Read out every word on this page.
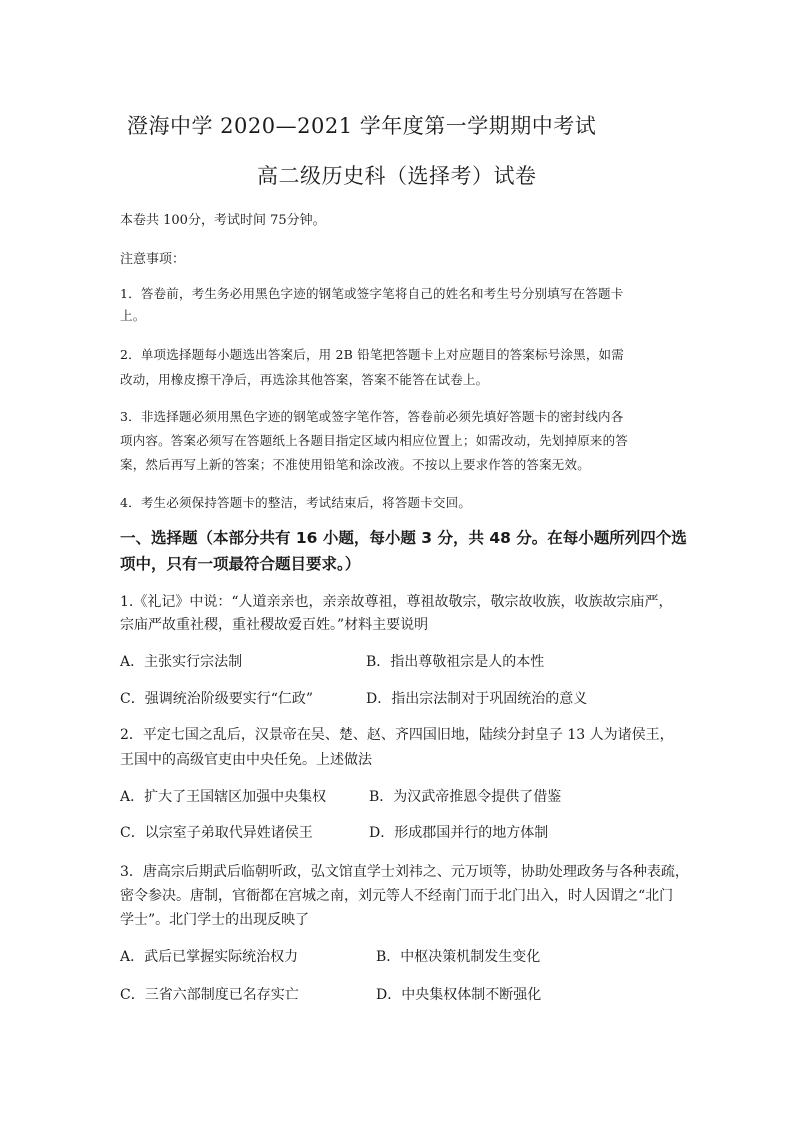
澄海中学 2020—2021 学年度第一学期期中考试
高二级历史科（选择考）试卷
本卷共 100分，考试时间 75分钟。
注意事项：
1．答卷前，考生务必用黑色字迹的钢笔或签字笔将自己的姓名和考生号分别填写在答题卡
上。
2．单项选择题每小题选出答案后，用 2B 铅笔把答题卡上对应题目的答案标号涂黑，如需
改动，用橡皮擦干净后，再选涂其他答案，答案不能答在试卷上。
3．非选择题必须用黑色字迹的钢笔或签字笔作答，答卷前必须先填好答题卡的密封线内各
项内容。答案必须写在答题纸上各题目指定区域内相应位置上；如需改动，先划掉原来的答
案，然后再写上新的答案；不准使用铅笔和涂改液。不按以上要求作答的答案无效。
4．考生必须保持答题卡的整洁，考试结束后，将答题卡交回。
一、选择题（本部分共有 16 小题，每小题 3 分，共 48 分。在每小题所列四个选
项中，只有一项最符合题目要求。）
1.《礼记》中说：“人道亲亲也，亲亲故尊祖，尊祖故敬宗，敬宗故收族，收族故宗庙严，
宗庙严故重社稷，重社稷故爱百姓。”材料主要说明
A．主张实行宗法制	B．指出尊敬祖宗是人的本性
C．强调统治阶级要实行“仁政”	D．指出宗法制对于巩固统治的意义
2．平定七国之乱后，汉景帝在吴、楚、赵、齐四国旧地，陆续分封皇子 13 人为诸侯王，
王国中的高级官吏由中央任免。上述做法
A．扩大了王国辖区加强中央集权	B．为汉武帝推恩令提供了借鉴
C．以宗室子弟取代异姓诸侯王	D．形成郡国并行的地方体制
3．唐高宗后期武后临朝听政，弘文馆直学士刘祎之、元万顷等，协助处理政务与各种表疏，
密令参决。唐制，官衙都在宫城之南，刘元等人不经南门而于北门出入，时人因谓之“北门
学士”。北门学士的出现反映了
A．武后已掌握实际统治权力	B．中枢决策机制发生变化
C．三省六部制度已名存实亡	D．中央集权体制不断强化
